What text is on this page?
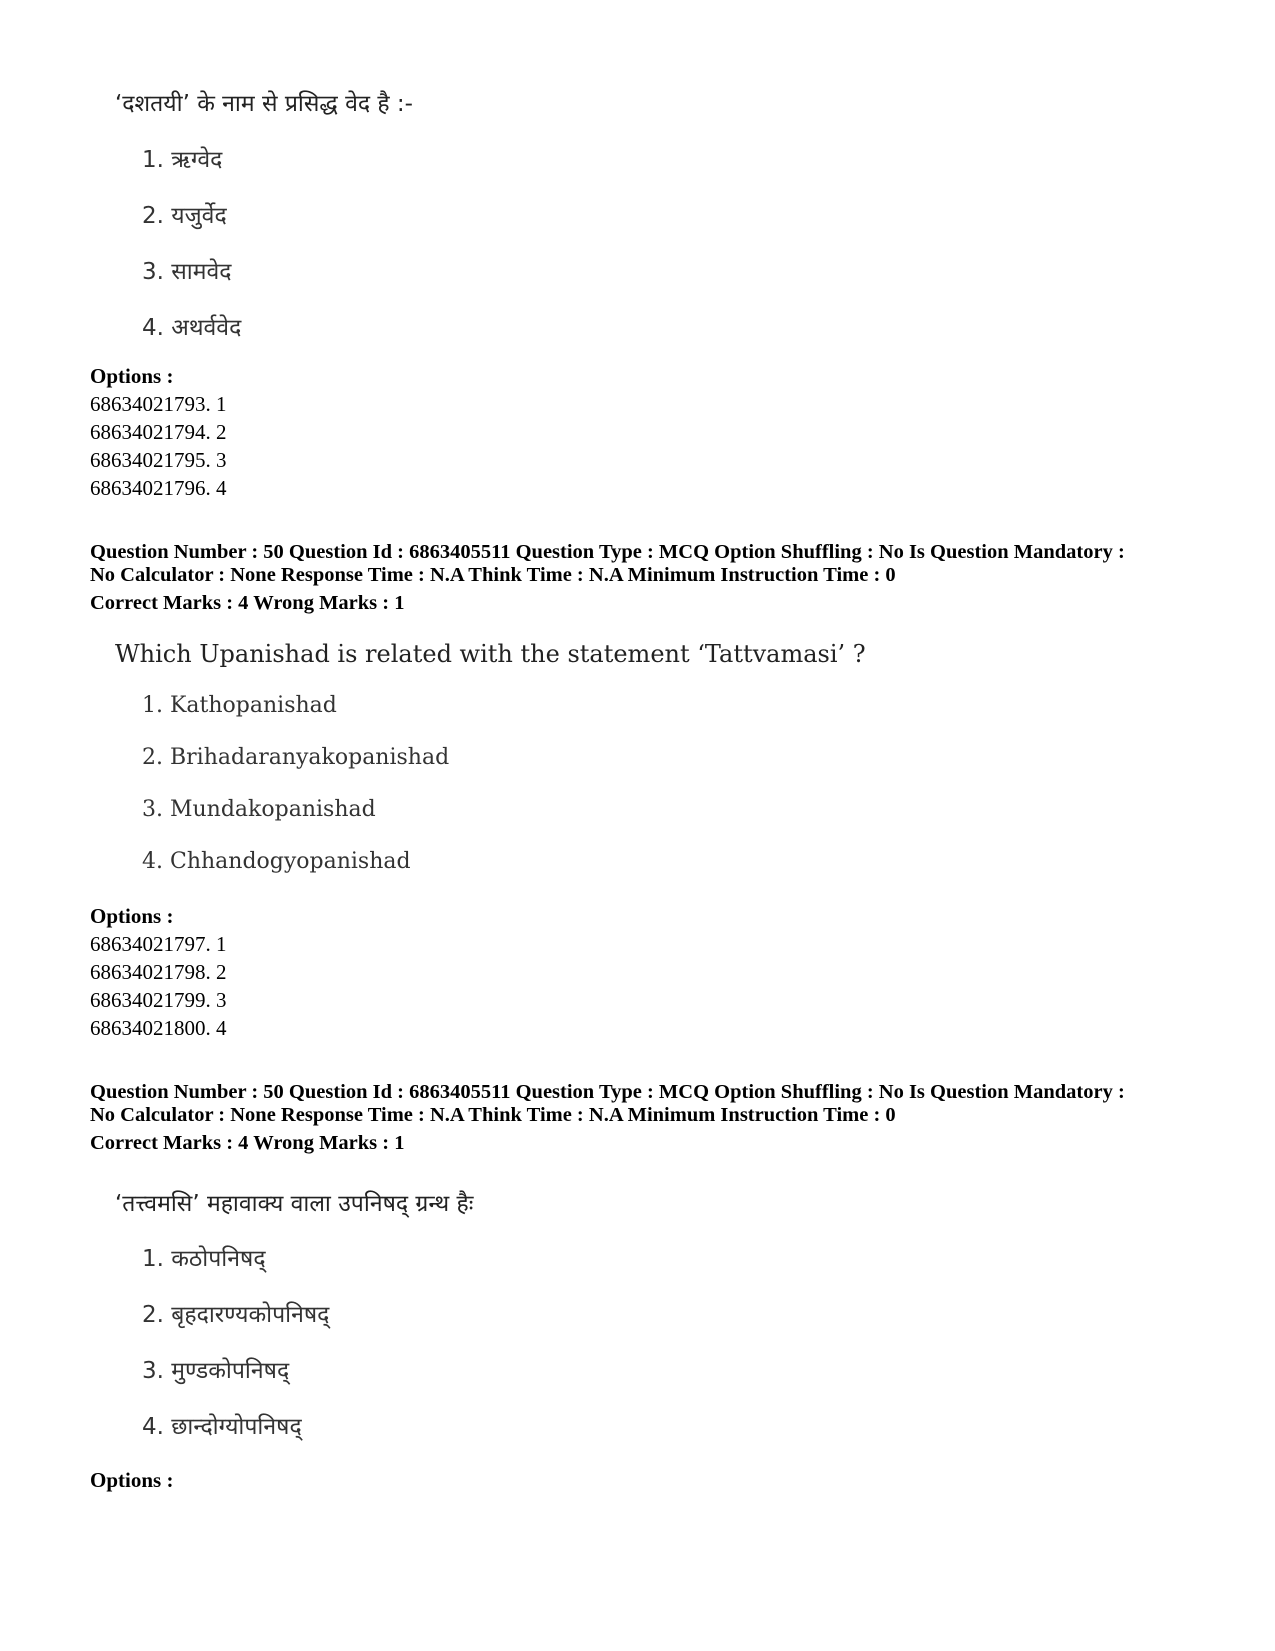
‘दशतयी’ के नाम से प्रसिद्ध वेद है :-
1. ऋग्वेद
2. यजुर्वेद
3. सामवेद
4. अथर्ववेद
Options :
68634021793. 1
68634021794. 2
68634021795. 3
68634021796. 4
Question Number : 50 Question Id : 6863405511 Question Type : MCQ Option Shuffling : No Is Question Mandatory :
No Calculator : None Response Time : N.A Think Time : N.A Minimum Instruction Time : 0
Correct Marks : 4 Wrong Marks : 1
Which Upanishad is related with the statement ‘Tattvamasi’ ?
1. Kathopanishad
2. Brihadaranyakopanishad
3. Mundakopanishad
4. Chhandogyopanishad
Options :
68634021797. 1
68634021798. 2
68634021799. 3
68634021800. 4
Question Number : 50 Question Id : 6863405511 Question Type : MCQ Option Shuffling : No Is Question Mandatory :
No Calculator : None Response Time : N.A Think Time : N.A Minimum Instruction Time : 0
Correct Marks : 4 Wrong Marks : 1
‘तत्त्वमसि’ महावाक्य वाला उपनिषद् ग्रन्थ हैः
1. कठोपनिषद्
2. बृहदारण्यकोपनिषद्
3. मुण्डकोपनिषद्
4. छान्दोग्योपनिषद्
Options :
